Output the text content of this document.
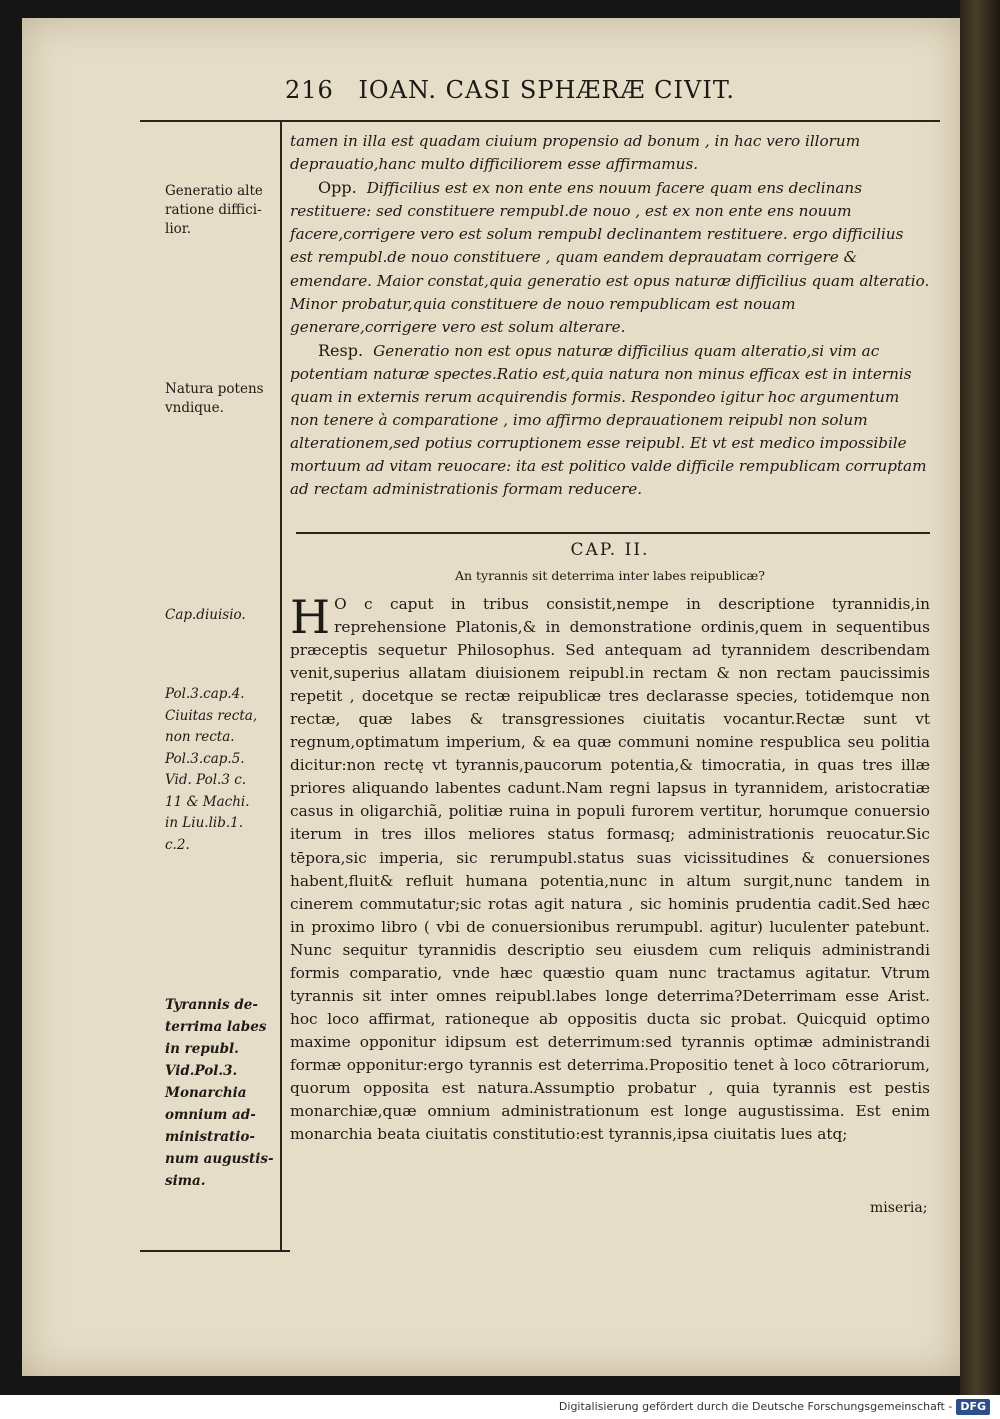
216 IOAN. CASI SPHÆRÆ CIVIT.

tamen in illa est quadam ciuium propensio ad bonum , in hac vero illorum deprauatio,hanc multo difficiliorem esse affirmamus.

Opp. Difficilius est ex non ente ens nouum facere quam ens declinans restituere: sed constituere rempubl.de nouo , est ex non ente ens nouum facere,corrigere vero est solum rempubl declinantem restituere. ergo difficilius est rempubl.de nouo constituere , quam eandem deprauatam corrigere & emendare. Maior constat,quia generatio est opus naturæ difficilius quam alteratio. Minor probatur,quia constituere de nouo rempublicam est nouam generare,corrigere vero est solum alterare.

Resp. Generatio non est opus naturæ difficilius quam alteratio,si vim ac potentiam naturæ spectes.Ratio est,quia natura non minus efficax est in internis quam in externis rerum acquirendis formis. Respondeo igitur hoc argumentum non tenere à comparatione , imo affirmo deprauationem reipubl non solum alterationem,sed potius corruptionem esse reipubl. Et vt est medico impossibile mortuum ad vitam reuocare: ita est politico valde difficile rempublicam corruptam ad rectam administrationis formam reducere.

CAP. II.
An tyrannis sit deterrima inter labes reipublicæ?

H O c caput in tribus consistit,nempe in descriptione tyrannidis,in reprehensione Platonis,& in demonstratione ordinis,quem in sequentibus præceptis sequetur Philosophus. Sed antequam ad tyrannidem describendam venit,superius allatam diuisionem reipubl.in rectam & non rectam paucissimis repetit , docetque se rectæ reipublicæ tres declarasse species, totidemque non rectæ, quæ labes & transgressiones ciuitatis vocantur.Rectæ sunt vt regnum,optimatum imperium, & ea quæ communi nomine respublica seu politia dicitur:non rectę vt tyrannis,paucorum potentia,& timocratia, in quas tres illæ priores aliquando labentes cadunt.Nam regni lapsus in tyrannidem, aristocratiæ casus in oligarchiã, politiæ ruina in populi furorem vertitur, horumque conuersio iterum in tres illos meliores status formasq; administrationis reuocatur.Sic tēpora,sic imperia, sic rerumpubl.status suas vicissitudines & conuersiones habent,fluit& refluit humana potentia,nunc in altum surgit,nunc tandem in cinerem commutatur;sic rotas agit natura , sic hominis prudentia cadit.Sed hæc in proximo libro ( vbi de conuersionibus rerumpubl. agitur) luculenter patebunt. Nunc sequitur tyrannidis descriptio seu eiusdem cum reliquis administrandi formis comparatio, vnde hæc quæstio quam nunc tractamus agitatur. Vtrum tyrannis sit inter omnes reipubl.labes longe deterrima?Deterrimam esse Arist. hoc loco affirmat, rationeque ab oppositis ducta sic probat. Quicquid optimo maxime opponitur idipsum est deterrimum:sed tyrannis optimæ administrandi formæ opponitur:ergo tyrannis est deterrima.Propositio tenet à loco cōtrariorum, quorum opposita est natura.Assumptio probatur , quia tyrannis est pestis monarchiæ,quæ omnium administrationum est longe augustissima. Est enim monarchia beata ciuitatis constitutio:est tyrannis,ipsa ciuitatis lues atq;

miseria;
Generatio alte
ratione diffici-
lior.
Natura potens
vndique.
Cap.diuisio.
Pol.3.cap.4.
Ciuitas recta,
non recta.
Pol.3.cap.5.
Vid. Pol.3 c.
11 & Machi.
in Liu.lib.1.
c.2.
Tyrannis de-
terrima labes
in republ.
Vid.Pol.3.
Monarchia
omnium ad-
ministratio-
num augustis-
sima.
Digitalisierung gefördert durch die Deutsche Forschungsgemeinschaft - DFG
